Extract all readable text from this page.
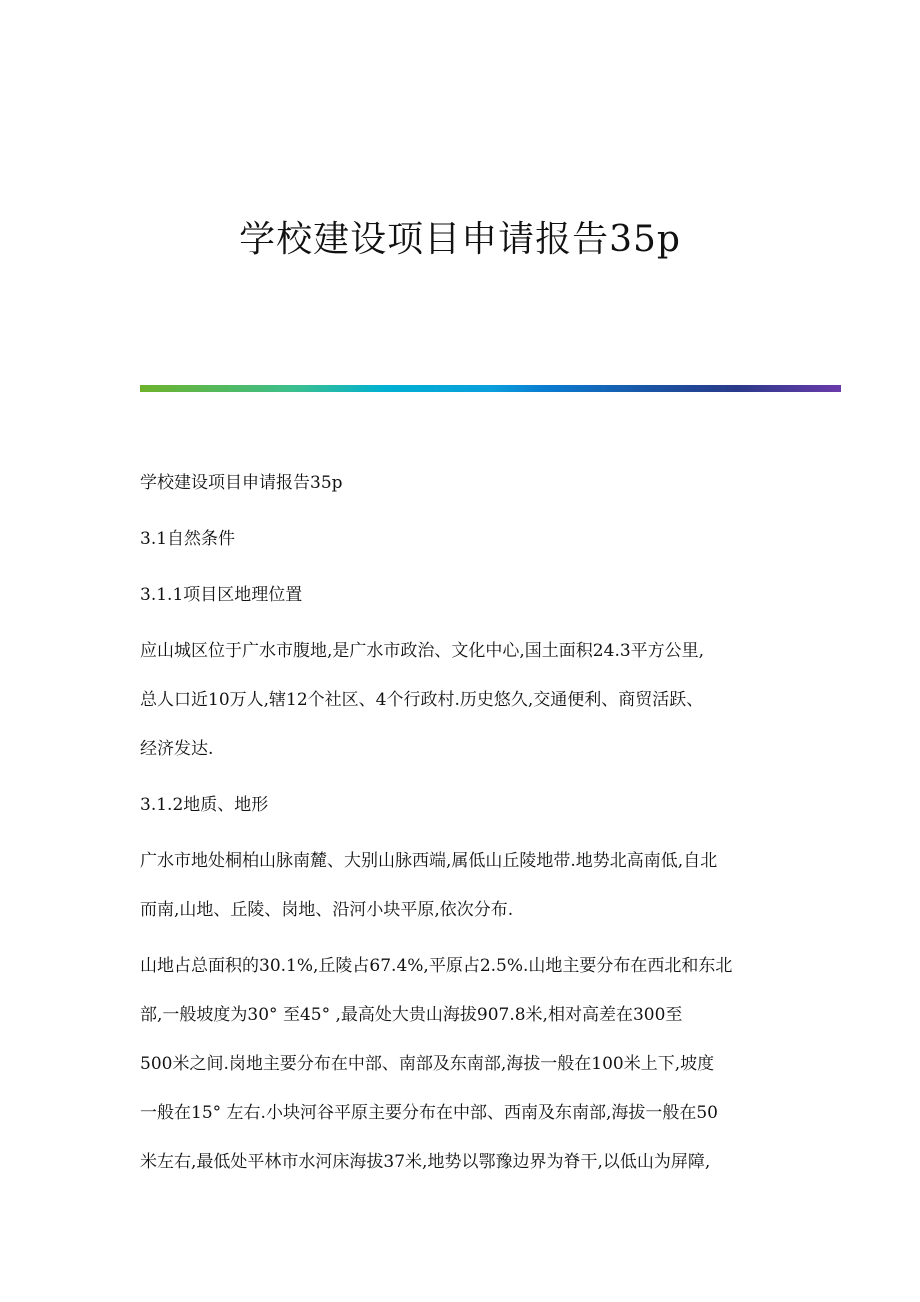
学校建设项目申请报告35p
学校建设项目申请报告35p
3.1自然条件
3.1.1项目区地理位置
应山城区位于广水市腹地,是广水市政治、文化中心,国土面积24.3平方公里,
总人口近10万人,辖12个社区、4个行政村.历史悠久,交通便利、商贸活跃、
经济发达.
3.1.2地质、地形
广水市地处桐柏山脉南麓、大别山脉西端,属低山丘陵地带.地势北高南低,自北
而南,山地、丘陵、岗地、沿河小块平原,依次分布.
山地占总面积的30.1%,丘陵占67.4%,平原占2.5%.山地主要分布在西北和东北
部,一般坡度为30° 至45° ,最高处大贵山海拔907.8米,相对高差在300至
500米之间.岗地主要分布在中部、南部及东南部,海拔一般在100米上下,坡度
一般在15° 左右.小块河谷平原主要分布在中部、西南及东南部,海拔一般在50
米左右,最低处平林市水河床海拔37米,地势以鄂豫边界为脊干,以低山为屏障,
